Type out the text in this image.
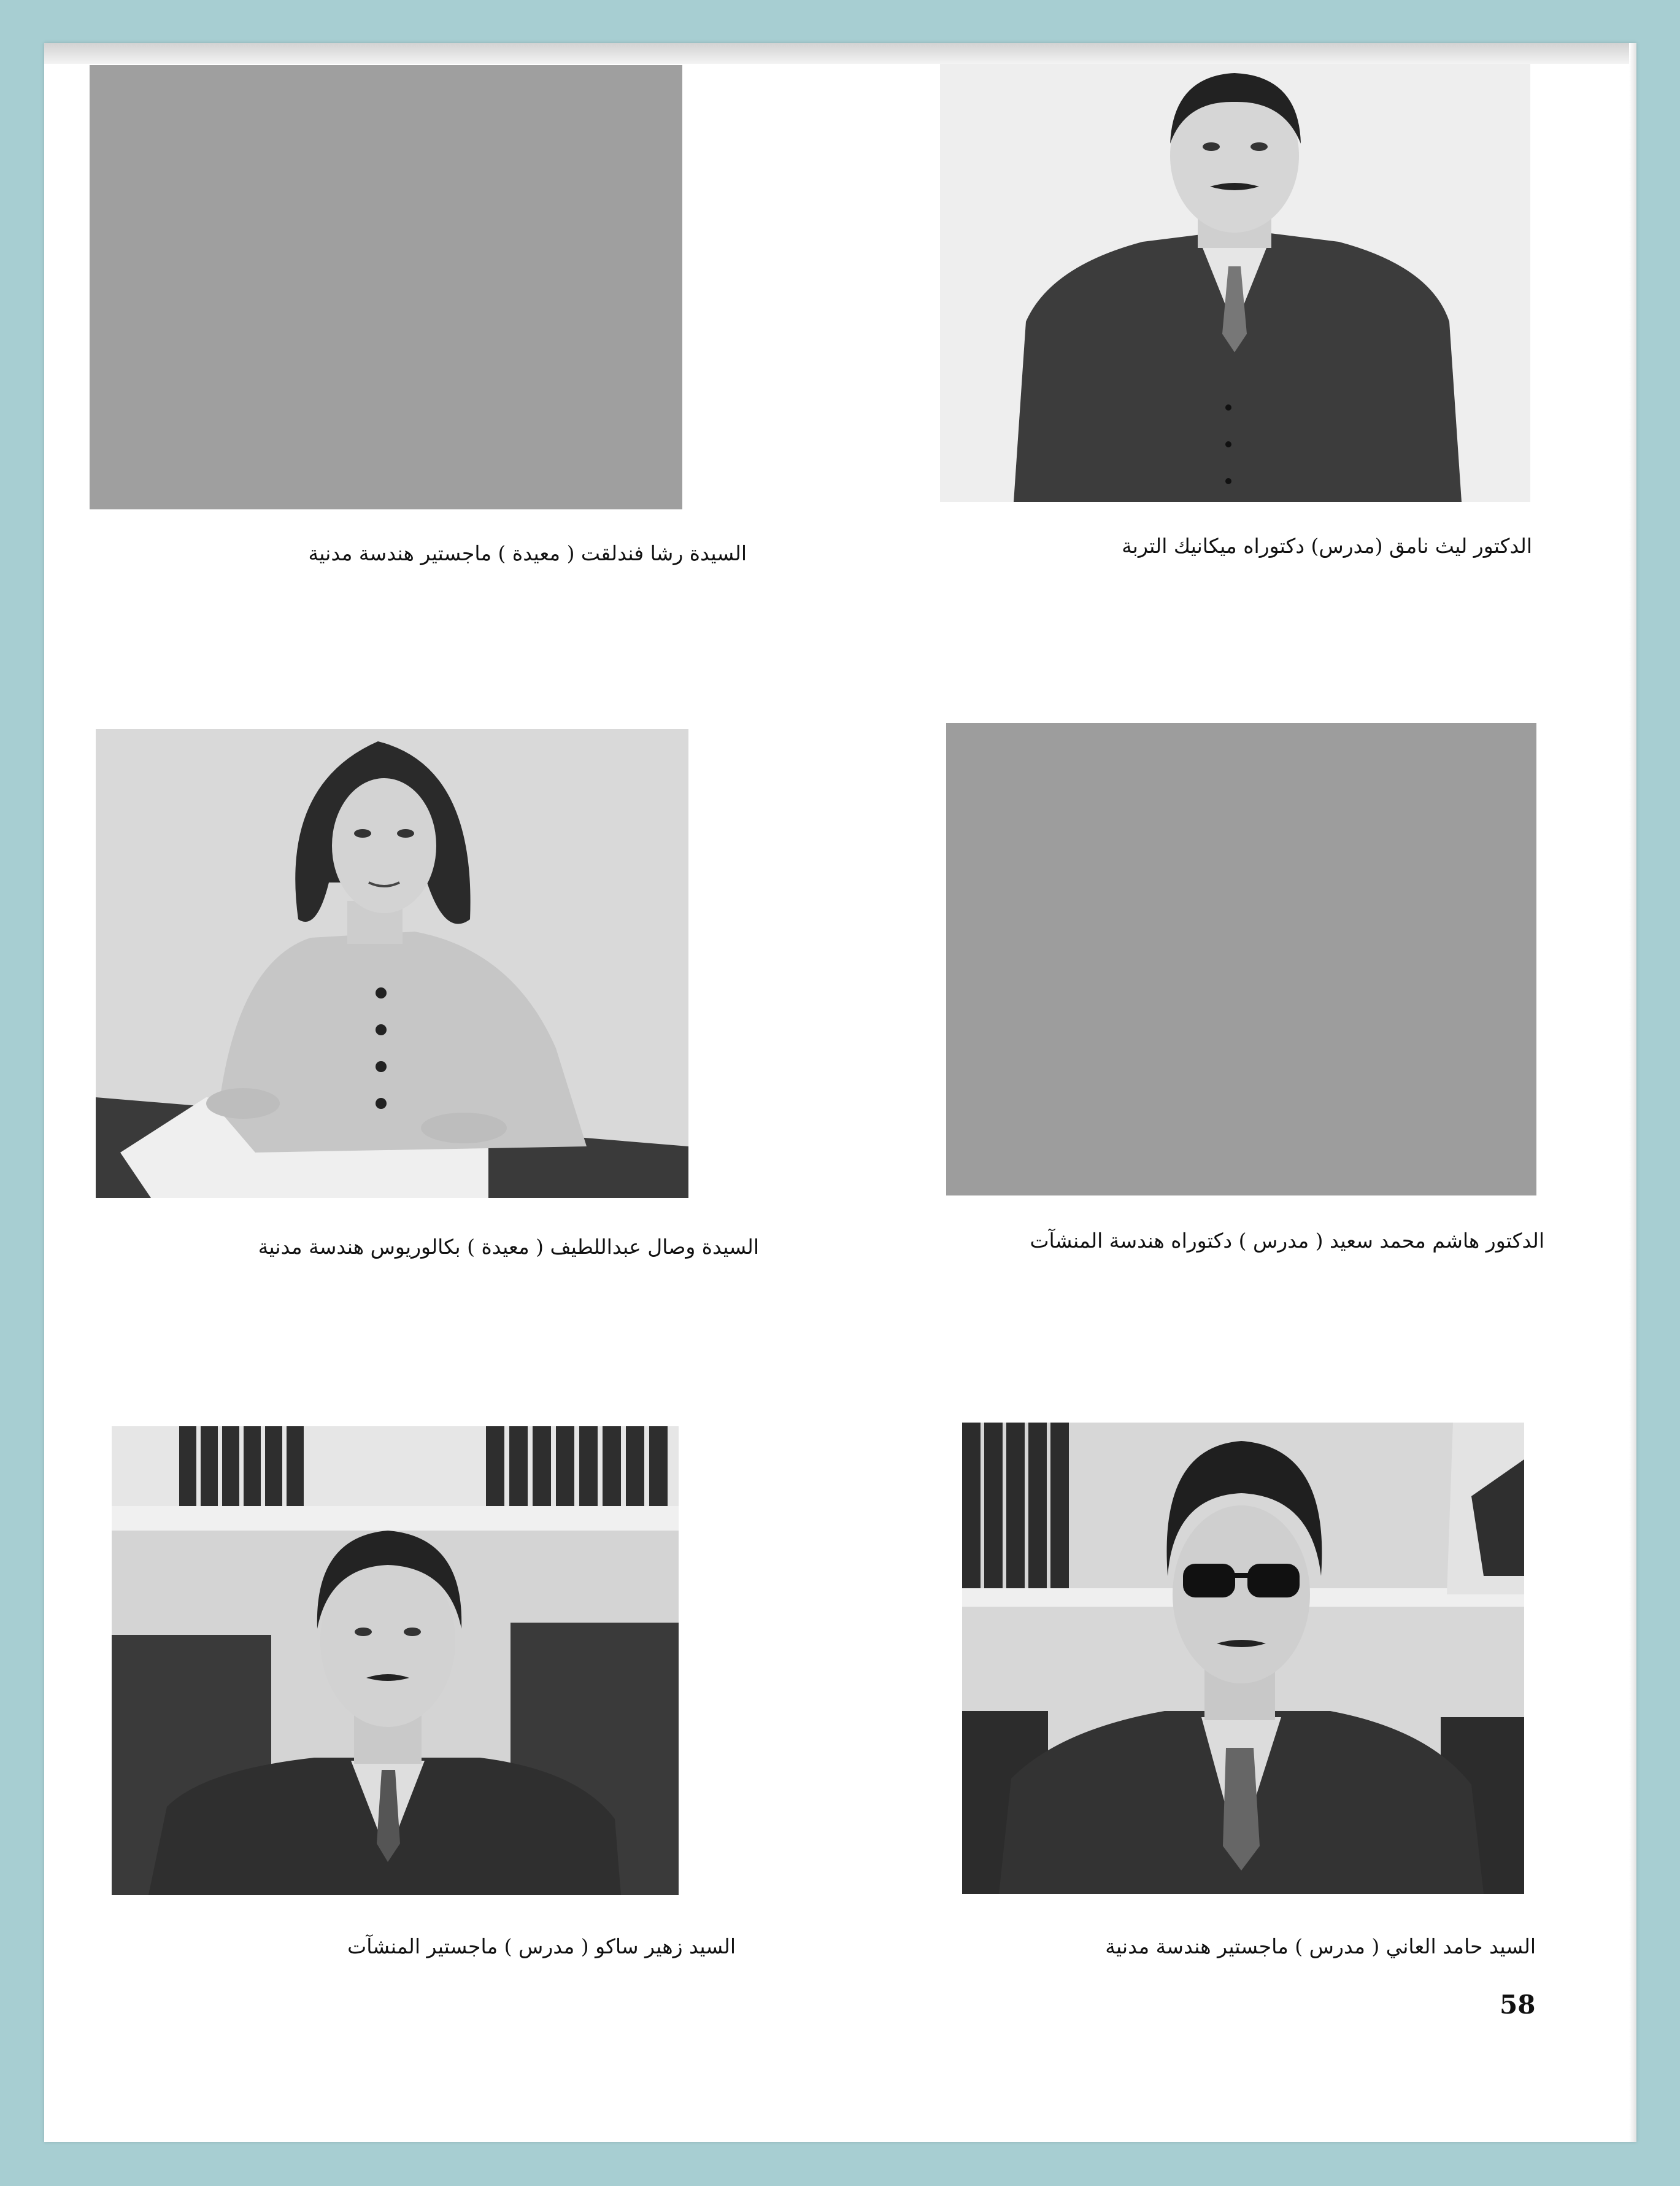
السيدة رشا فندلقت ( معيدة ) ماجستير هندسة مدنية	الدكتور ليث نامق (مدرس) دكتوراه ميكانيك التربة
السيدة وصال عبداللطيف ( معيدة ) بكالوريوس هندسة مدنية	الدكتور هاشم محمد سعيد ( مدرس ) دكتوراه هندسة المنشآت
السيد زهير ساكو ( مدرس ) ماجستير المنشآت	السيد حامد العاني ( مدرس ) ماجستير هندسة مدنية
58
